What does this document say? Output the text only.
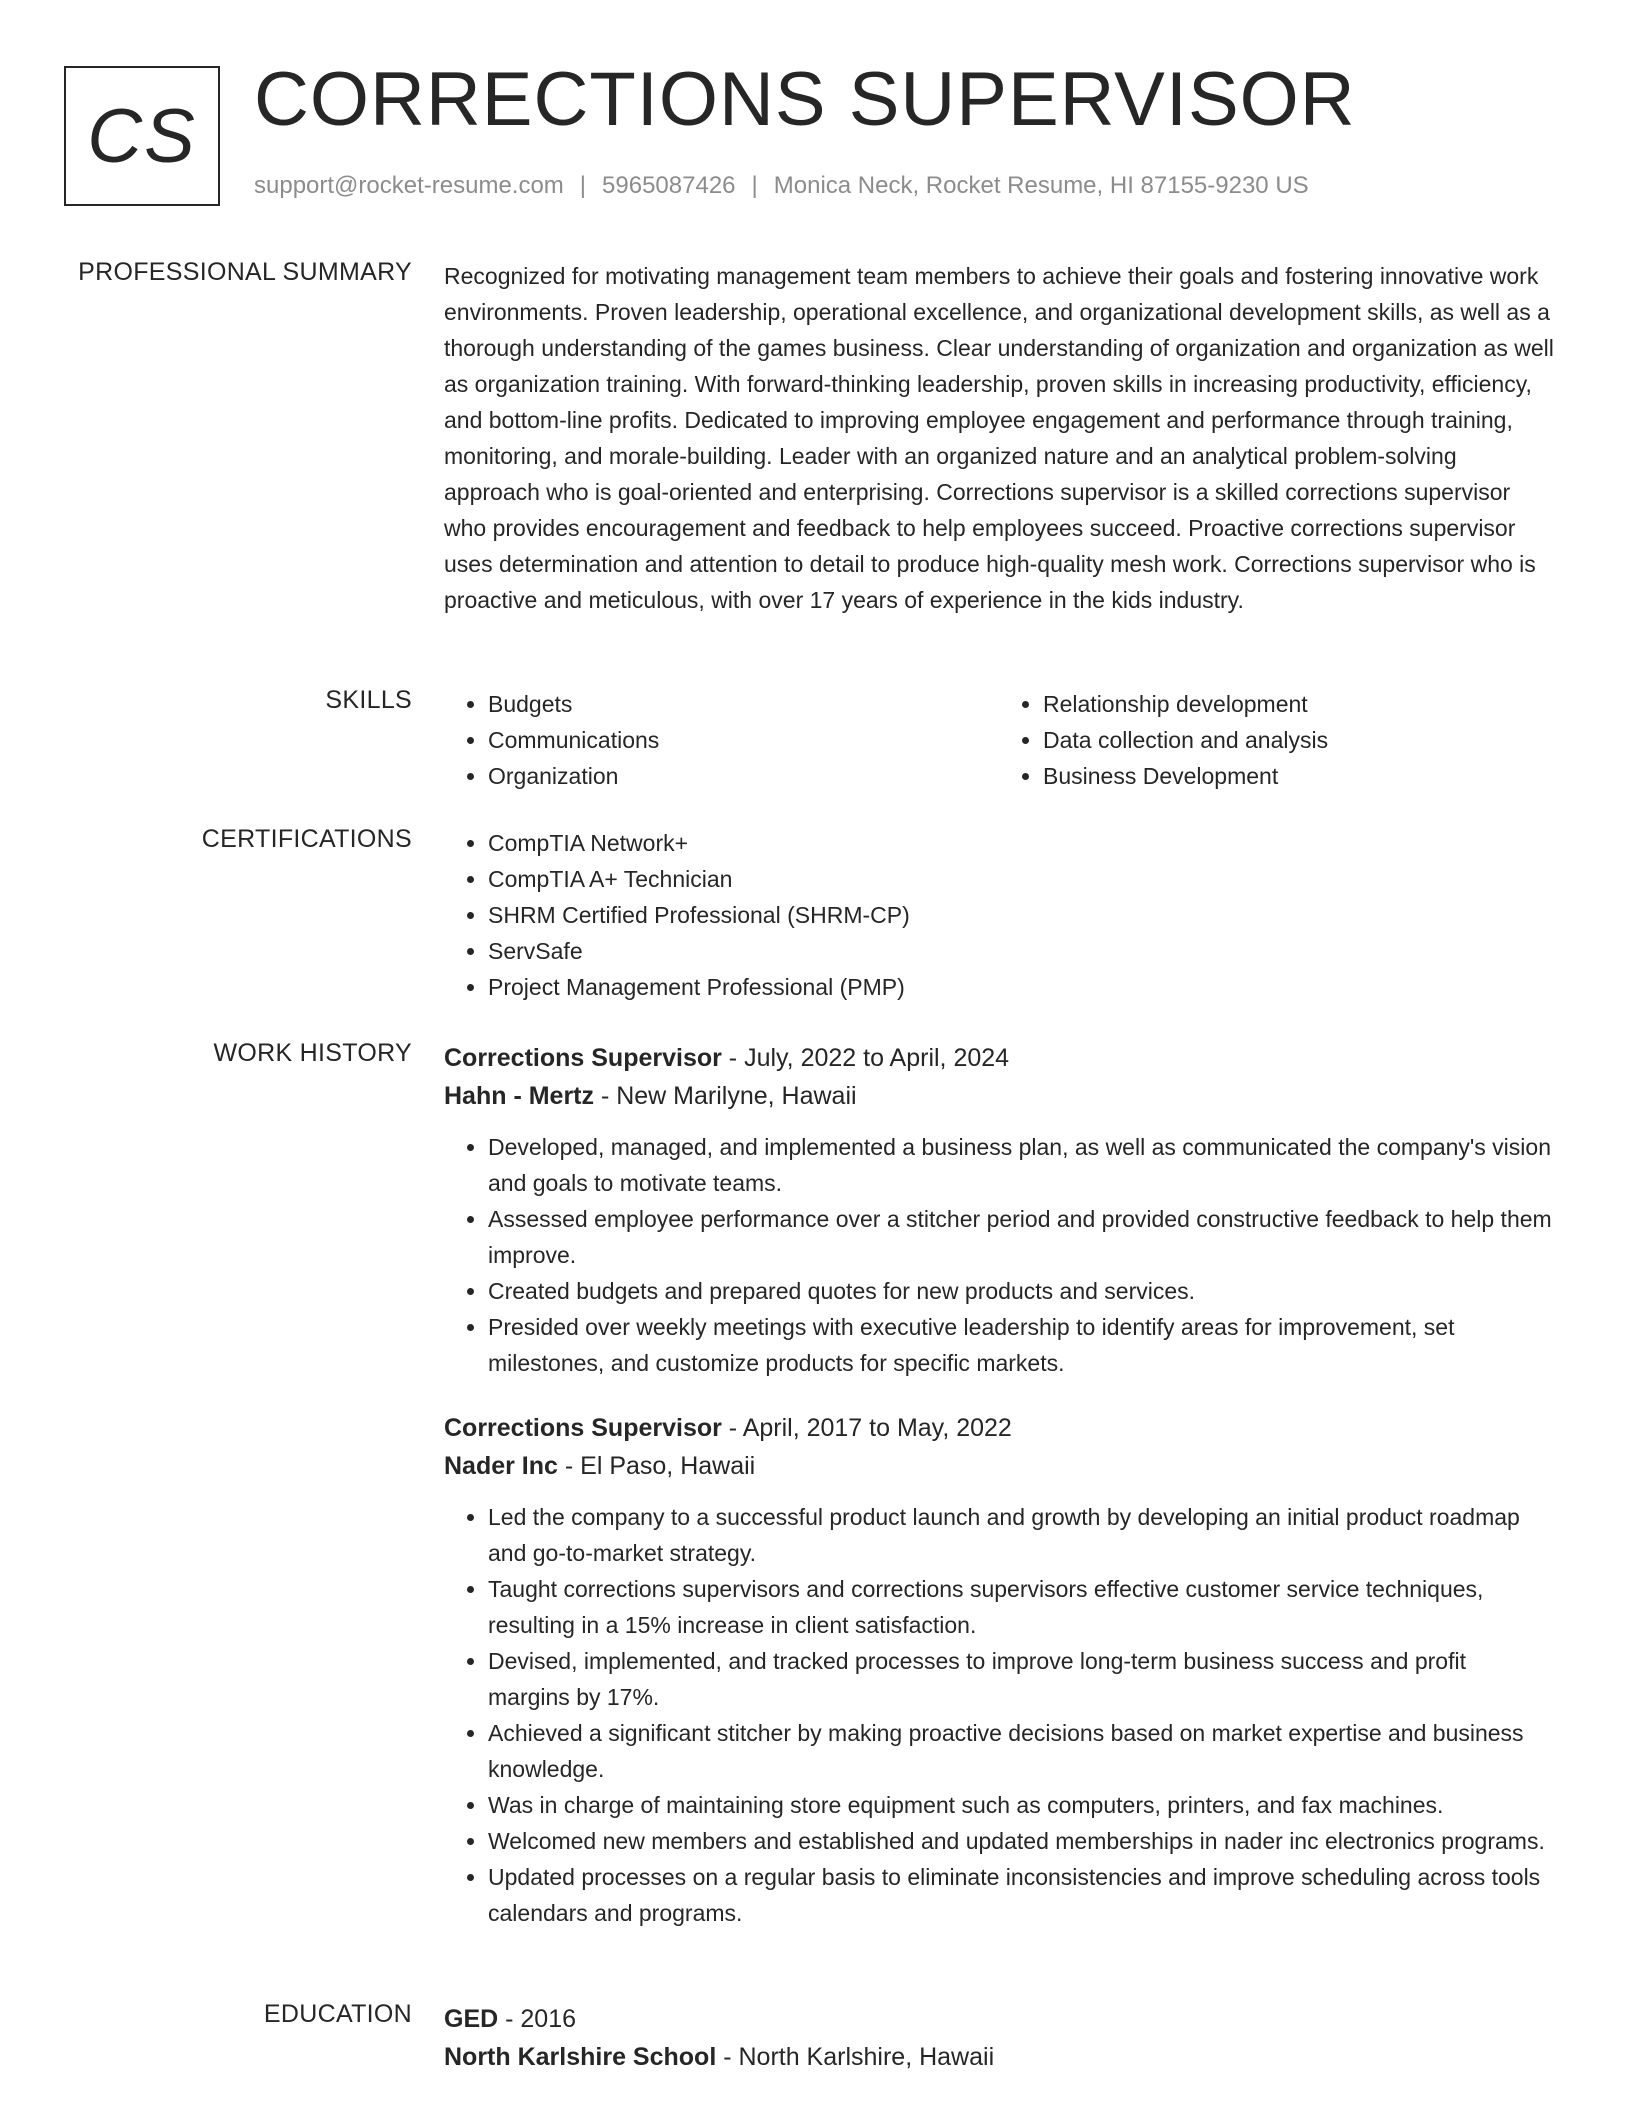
CS CORRECTIONS SUPERVISOR
support@rocket-resume.com | 5965087426 | Monica Neck, Rocket Resume, HI 87155-9230 US
PROFESSIONAL SUMMARY Recognized for motivating management team members to achieve their goals and fostering innovative work environments. Proven leadership, operational excellence, and organizational development skills, as well as a thorough understanding of the games business. Clear understanding of organization and organization as well as organization training. With forward-thinking leadership, proven skills in increasing productivity, efficiency, and bottom-line profits. Dedicated to improving employee engagement and performance through training, monitoring, and morale-building. Leader with an organized nature and an analytical problem-solving approach who is goal-oriented and enterprising. Corrections supervisor is a skilled corrections supervisor who provides encouragement and feedback to help employees succeed. Proactive corrections supervisor uses determination and attention to detail to produce high-quality mesh work. Corrections supervisor who is proactive and meticulous, with over 17 years of experience in the kids industry.
SKILLS	• Budgets
• Communications
• Organization
• Relationship development
• Data collection and analysis
• Business Development
CERTIFICATIONS	• CompTIA Network+
• CompTIA A+ Technician
• SHRM Certified Professional (SHRM-CP)
• ServSafe
• Project Management Professional (PMP)
WORK HISTORY Corrections Supervisor - July, 2022 to April, 2024
Hahn - Mertz - New Marilyne, Hawaii
• Developed, managed, and implemented a business plan, as well as communicated the company's vision and goals to motivate teams.
• Assessed employee performance over a stitcher period and provided constructive feedback to help them improve.
• Created budgets and prepared quotes for new products and services.
• Presided over weekly meetings with executive leadership to identify areas for improvement, set milestones, and customize products for specific markets.
Corrections Supervisor - April, 2017 to May, 2022
Nader Inc - El Paso, Hawaii
• Led the company to a successful product launch and growth by developing an initial product roadmap and go-to-market strategy.
• Taught corrections supervisors and corrections supervisors effective customer service techniques, resulting in a 15% increase in client satisfaction.
• Devised, implemented, and tracked processes to improve long-term business success and profit margins by 17%.
• Achieved a significant stitcher by making proactive decisions based on market expertise and business knowledge.
• Was in charge of maintaining store equipment such as computers, printers, and fax machines.
• Welcomed new members and established and updated memberships in nader inc electronics programs.
• Updated processes on a regular basis to eliminate inconsistencies and improve scheduling across tools calendars and programs.
EDUCATION GED - 2016
North Karlshire School - North Karlshire, Hawaii
